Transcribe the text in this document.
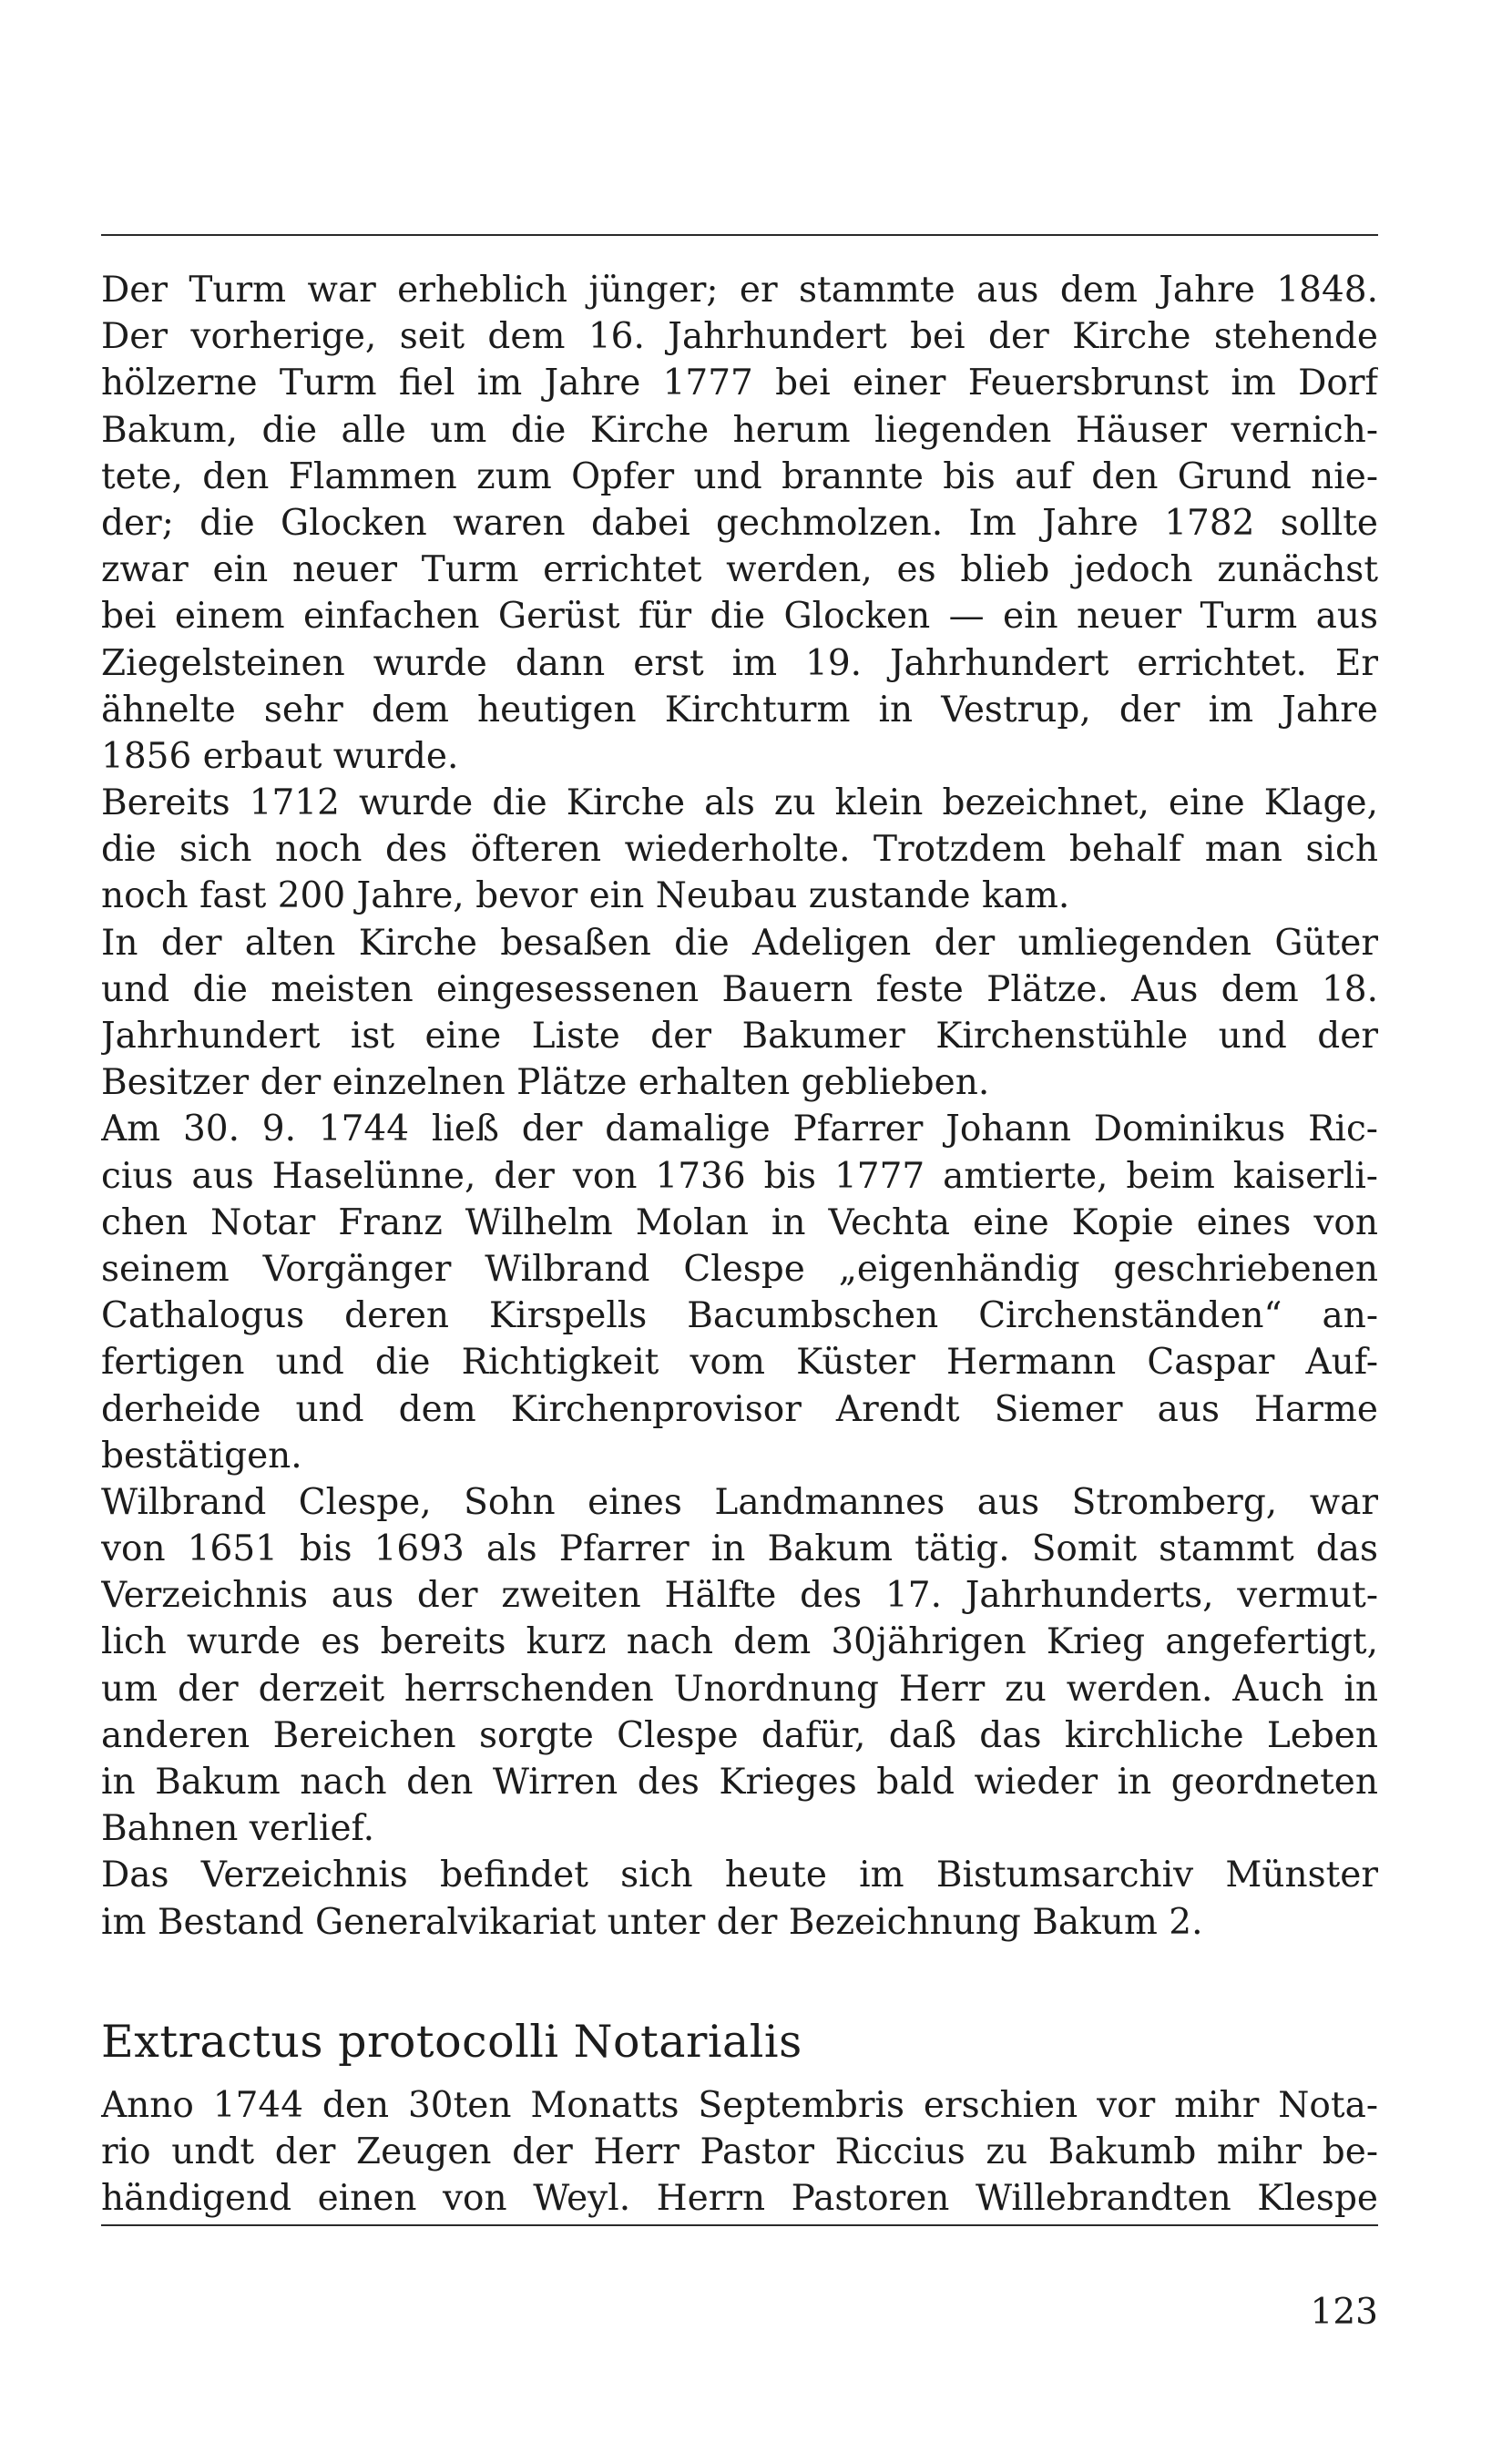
Der Turm war erheblich jünger; er stammte aus dem Jahre 1848.
Der vorherige, seit dem 16. Jahrhundert bei der Kirche stehende
hölzerne Turm fiel im Jahre 1777 bei einer Feuersbrunst im Dorf
Bakum, die alle um die Kirche herum liegenden Häuser vernich-
tete, den Flammen zum Opfer und brannte bis auf den Grund nie-
der; die Glocken waren dabei gechmolzen. Im Jahre 1782 sollte
zwar ein neuer Turm errichtet werden, es blieb jedoch zunächst
bei einem einfachen Gerüst für die Glocken — ein neuer Turm aus
Ziegelsteinen wurde dann erst im 19. Jahrhundert errichtet. Er
ähnelte sehr dem heutigen Kirchturm in Vestrup, der im Jahre
1856 erbaut wurde.

Bereits 1712 wurde die Kirche als zu klein bezeichnet, eine Klage,
die sich noch des öfteren wiederholte. Trotzdem behalf man sich
noch fast 200 Jahre, bevor ein Neubau zustande kam.

In der alten Kirche besaßen die Adeligen der umliegenden Güter
und die meisten eingesessenen Bauern feste Plätze. Aus dem 18.
Jahrhundert ist eine Liste der Bakumer Kirchenstühle und der
Besitzer der einzelnen Plätze erhalten geblieben.

Am 30. 9. 1744 ließ der damalige Pfarrer Johann Dominikus Ric-
cius aus Haselünne, der von 1736 bis 1777 amtierte, beim kaiserli-
chen Notar Franz Wilhelm Molan in Vechta eine Kopie eines von
seinem Vorgänger Wilbrand Clespe „eigenhändig geschriebenen
Cathalogus deren Kirspells Bacumbschen Circhenständen“ an-
fertigen und die Richtigkeit vom Küster Hermann Caspar Auf-
derheide und dem Kirchenprovisor Arendt Siemer aus Harme
bestätigen.

Wilbrand Clespe, Sohn eines Landmannes aus Stromberg, war
von 1651 bis 1693 als Pfarrer in Bakum tätig. Somit stammt das
Verzeichnis aus der zweiten Hälfte des 17. Jahrhunderts, vermut-
lich wurde es bereits kurz nach dem 30jährigen Krieg angefertigt,
um der derzeit herrschenden Unordnung Herr zu werden. Auch in
anderen Bereichen sorgte Clespe dafür, daß das kirchliche Leben
in Bakum nach den Wirren des Krieges bald wieder in geordneten
Bahnen verlief.

Das Verzeichnis befindet sich heute im Bistumsarchiv Münster
im Bestand Generalvikariat unter der Bezeichnung Bakum 2.

Extractus protocolli Notarialis

Anno 1744 den 30ten Monatts Septembris erschien vor mihr Nota-
rio undt der Zeugen der Herr Pastor Riccius zu Bakumb mihr be-
händigend einen von Weyl. Herrn Pastoren Willebrandten Klespe

123
